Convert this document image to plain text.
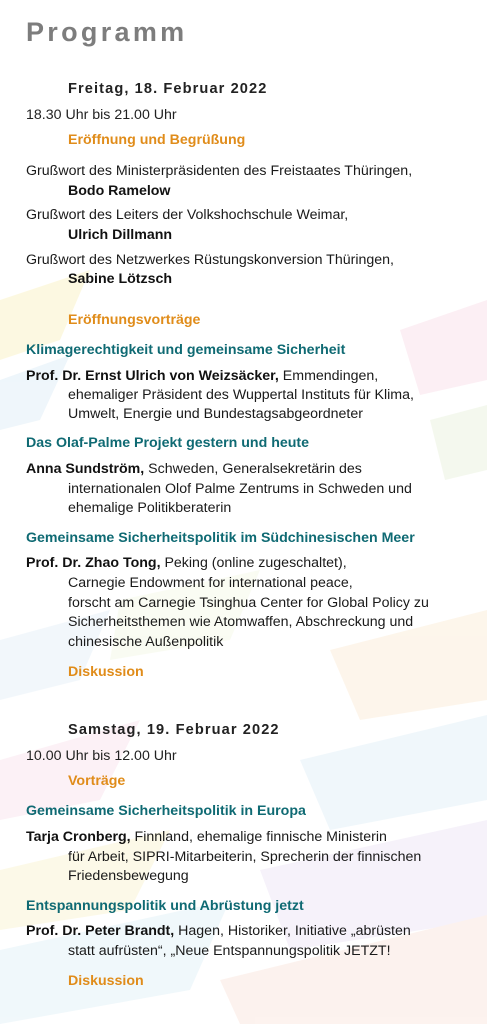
Programm
Freitag, 18. Februar 2022
18.30 Uhr bis 21.00 Uhr
Eröffnung und Begrüßung
Grußwort des Ministerpräsidenten des Freistaates Thüringen,
Bodo Ramelow
Grußwort des Leiters der Volkshochschule Weimar,
Ulrich Dillmann
Grußwort des Netzwerkes Rüstungskonversion Thüringen,
Sabine Lötzsch
Eröffnungsvorträge
Klimagerechtigkeit und gemeinsame Sicherheit
Prof. Dr. Ernst Ulrich von Weizsäcker, Emmendingen,
ehemaliger Präsident des Wuppertal Instituts für Klima,
Umwelt, Energie und Bundestagsabgeordneter
Das Olaf-Palme Projekt gestern und heute
Anna Sundström, Schweden, Generalsekretärin des
internationalen Olof Palme Zentrums in Schweden und
ehemalige Politikberaterin
Gemeinsame Sicherheitspolitik im Südchinesischen Meer
Prof. Dr. Zhao Tong, Peking (online zugeschaltet),
Carnegie Endowment for international peace,
forscht am Carnegie Tsinghua Center for Global Policy zu
Sicherheitsthemen wie Atomwaffen, Abschreckung und
chinesische Außenpolitik
Diskussion
Samstag, 19. Februar 2022
10.00 Uhr bis 12.00 Uhr
Vorträge
Gemeinsame Sicherheitspolitik in Europa
Tarja Cronberg, Finnland, ehemalige finnische Ministerin
für Arbeit, SIPRI-Mitarbeiterin, Sprecherin der finnischen
Friedensbewegung
Entspannungspolitik und Abrüstung jetzt
Prof. Dr. Peter Brandt, Hagen, Historiker, Initiative „abrüsten
statt aufrüsten“, „Neue Entspannungspolitik JETZT!
Diskussion
